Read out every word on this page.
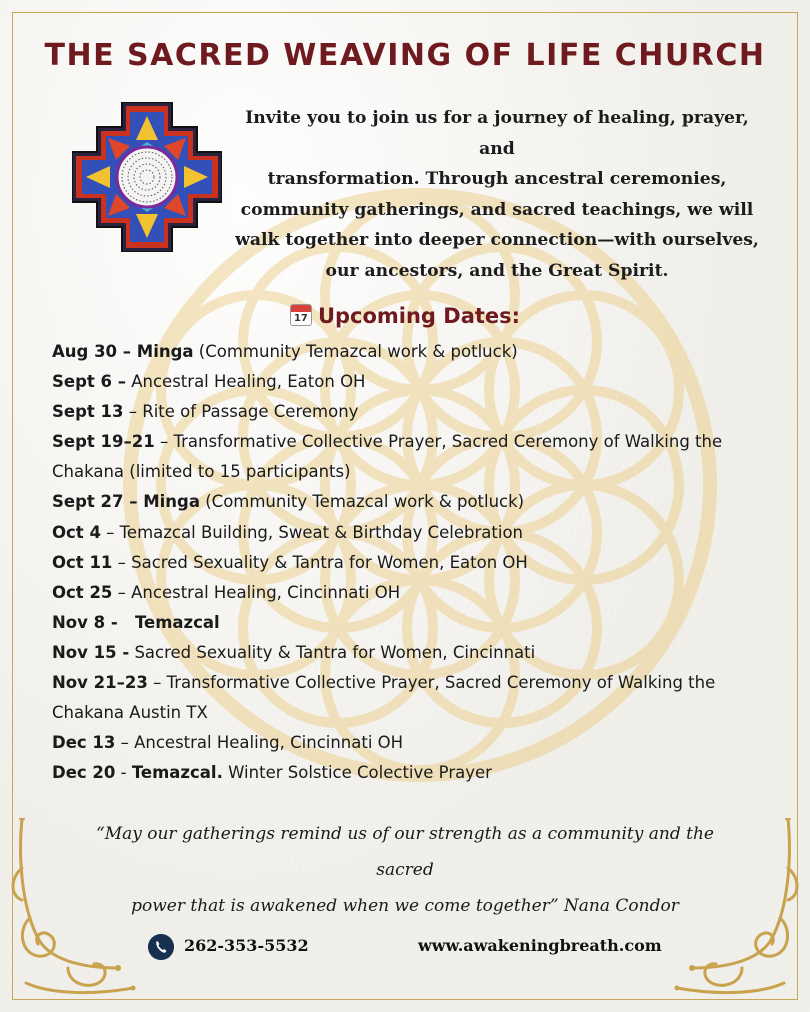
THE SACRED WEAVING OF LIFE CHURCH
Invite you to join us for a journey of healing, prayer, and
transformation. Through ancestral ceremonies,
community gatherings, and sacred teachings, we will
walk together into deeper connection—with ourselves,
our ancestors, and the Great Spirit.
17 Upcoming Dates:
Aug 30 – Minga (Community Temazcal work & potluck)
Sept 6 – Ancestral Healing, Eaton OH
Sept 13 – Rite of Passage Ceremony
Sept 19–21 – Transformative Collective Prayer, Sacred Ceremony of Walking the Chakana (limited to 15 participants)
Sept 27 – Minga (Community Temazcal work & potluck)
Oct 4 – Temazcal Building, Sweat & Birthday Celebration
Oct 11 – Sacred Sexuality & Tantra for Women, Eaton OH
Oct 25 – Ancestral Healing, Cincinnati OH
Nov 8 -   Temazcal
Nov 15 - Sacred Sexuality & Tantra for Women, Cincinnati
Nov 21–23 – Transformative Collective Prayer, Sacred Ceremony of Walking the Chakana Austin TX
Dec 13 – Ancestral Healing, Cincinnati OH
Dec 20 - Temazcal. Winter Solstice Colective Prayer
“May our gatherings remind us of our strength as a community and the sacred
power that is awakened when we come together” Nana Condor
262-353-5532	www.awakeningbreath.com
